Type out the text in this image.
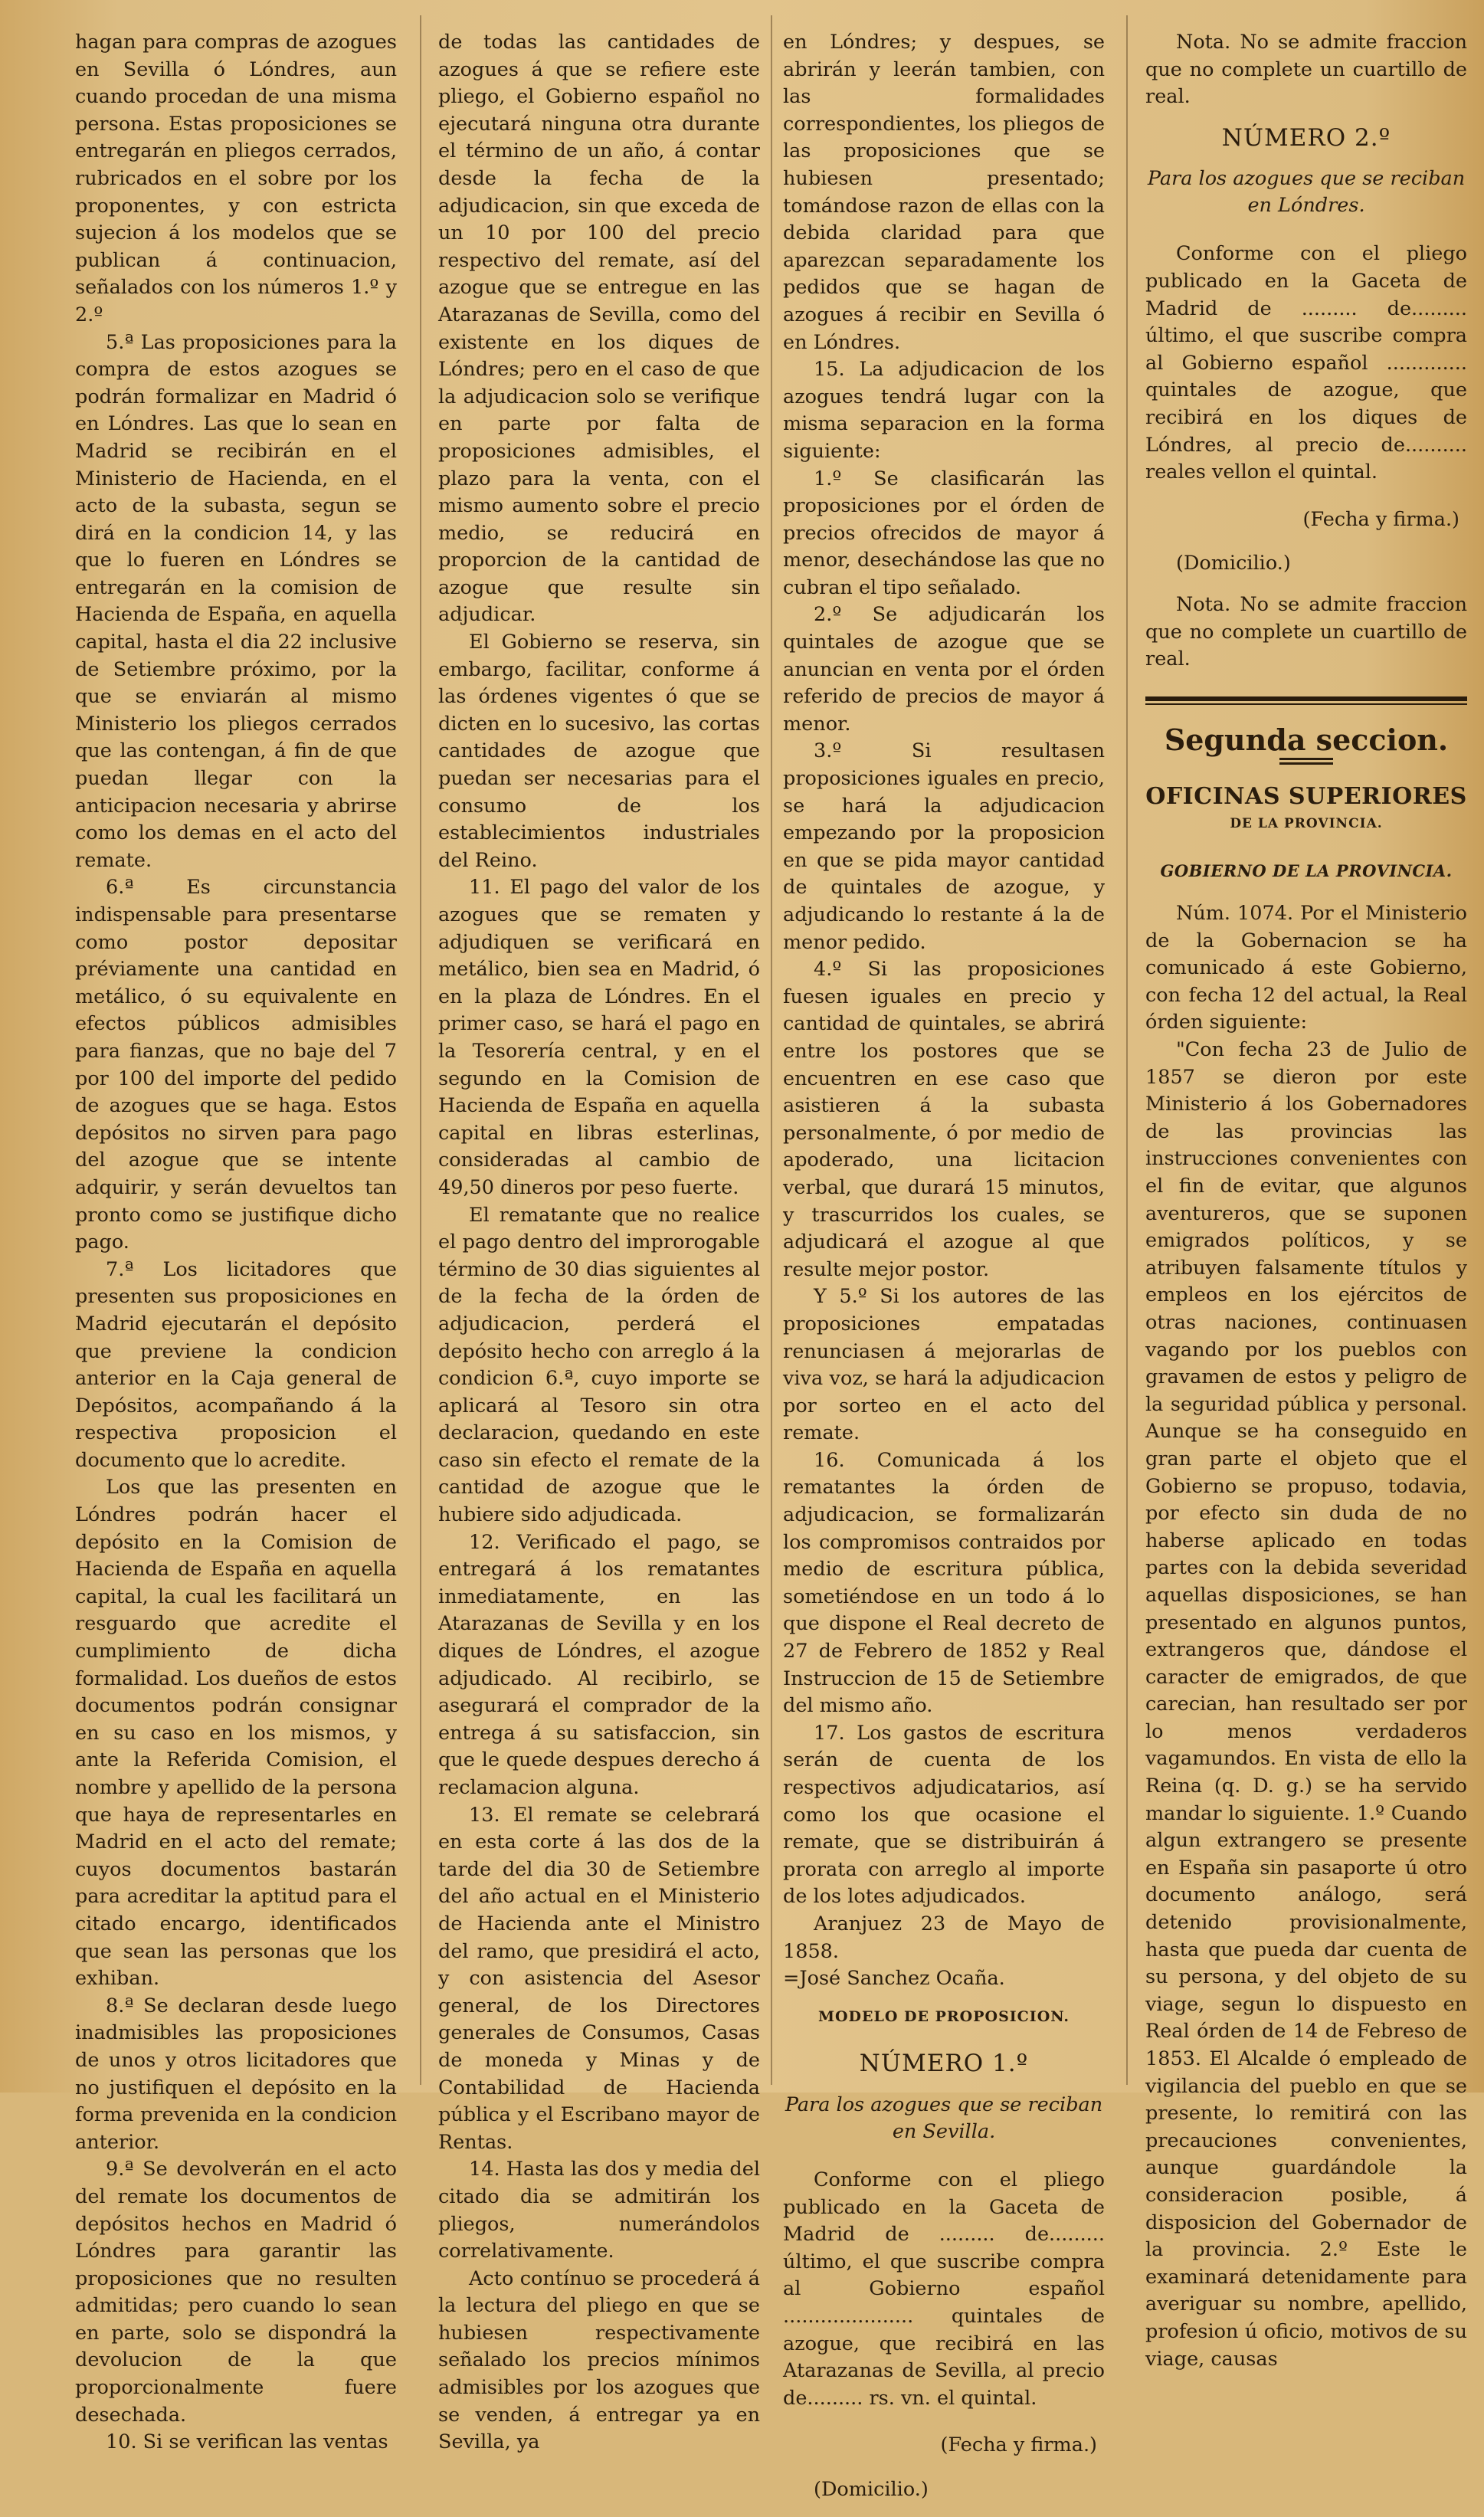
hagan para compras de azogues en Sevilla ó Lóndres, aun cuando procedan de una misma persona. Estas proposiciones se entregarán en pliegos cerrados, rubricados en el sobre por los proponentes, y con estricta sujecion á los modelos que se publican á continuacion, señalados con los números 1.º y 2.º

5.ª Las proposiciones para la compra de estos azogues se podrán formalizar en Madrid ó en Lóndres. Las que lo sean en Madrid se recibirán en el Ministerio de Hacienda, en el acto de la subasta, segun se dirá en la condicion 14, y las que lo fueren en Lóndres se entregarán en la comision de Hacienda de España, en aquella capital, hasta el dia 22 inclusive de Setiembre próximo, por la que se enviarán al mismo Ministerio los pliegos cerrados que las contengan, á fin de que puedan llegar con la anticipacion necesaria y abrirse como los demas en el acto del remate.

6.ª Es circunstancia indispensable para presentarse como postor depositar préviamente una cantidad en metálico, ó su equivalente en efectos públicos admisibles para fianzas, que no baje del 7 por 100 del importe del pedido de azogues que se haga. Estos depósitos no sirven para pago del azogue que se intente adquirir, y serán devueltos tan pronto como se justifique dicho pago.

7.ª Los licitadores que presenten sus proposiciones en Madrid ejecutarán el depósito que previene la condicion anterior en la Caja general de Depósitos, acompañando á la respectiva proposicion el documento que lo acredite.

Los que las presenten en Lóndres podrán hacer el depósito en la Comision de Hacienda de España en aquella capital, la cual les facilitará un resguardo que acredite el cumplimiento de dicha formalidad. Los dueños de estos documentos podrán consignar en su caso en los mismos, y ante la Referida Comision, el nombre y apellido de la persona que haya de representarles en Madrid en el acto del remate; cuyos documentos bastarán para acreditar la aptitud para el citado encargo, identificados que sean las personas que los exhiban.

8.ª Se declaran desde luego inadmisibles las proposiciones de unos y otros licitadores que no justifiquen el depósito en la forma prevenida en la condicion anterior.

9.ª Se devolverán en el acto del remate los documentos de depósitos hechos en Madrid ó Lóndres para garantir las proposiciones que no resulten admitidas; pero cuando lo sean en parte, solo se dispondrá la devolucion de la que proporcionalmente fuere desechada.

10. Si se verifican las ventas

de todas las cantidades de azogues á que se refiere este pliego, el Gobierno español no ejecutará ninguna otra durante el término de un año, á contar desde la fecha de la adjudicacion, sin que exceda de un 10 por 100 del precio respectivo del remate, así del azogue que se entregue en las Atarazanas de Sevilla, como del existente en los diques de Lóndres; pero en el caso de que la adjudicacion solo se verifique en parte por falta de proposiciones admisibles, el plazo para la venta, con el mismo aumento sobre el precio medio, se reducirá en proporcion de la cantidad de azogue que resulte sin adjudicar.

El Gobierno se reserva, sin embargo, facilitar, conforme á las órdenes vigentes ó que se dicten en lo sucesivo, las cortas cantidades de azogue que puedan ser necesarias para el consumo de los establecimientos industriales del Reino.

11. El pago del valor de los azogues que se rematen y adjudiquen se verificará en metálico, bien sea en Madrid, ó en la plaza de Lóndres. En el primer caso, se hará el pago en la Tesorería central, y en el segundo en la Comision de Hacienda de España en aquella capital en libras esterlinas, consideradas al cambio de 49,50 dineros por peso fuerte.

El rematante que no realice el pago dentro del improrogable término de 30 dias siguientes al de la fecha de la órden de adjudicacion, perderá el depósito hecho con arreglo á la condicion 6.ª, cuyo importe se aplicará al Tesoro sin otra declaracion, quedando en este caso sin efecto el remate de la cantidad de azogue que le hubiere sido adjudicada.

12. Verificado el pago, se entregará á los rematantes inmediatamente, en las Atarazanas de Sevilla y en los diques de Lóndres, el azogue adjudicado. Al recibirlo, se asegurará el comprador de la entrega á su satisfaccion, sin que le quede despues derecho á reclamacion alguna.

13. El remate se celebrará en esta corte á las dos de la tarde del dia 30 de Setiembre del año actual en el Ministerio de Hacienda ante el Ministro del ramo, que presidirá el acto, y con asistencia del Asesor general, de los Directores generales de Consumos, Casas de moneda y Minas y de Contabilidad de Hacienda pública y el Escribano mayor de Rentas.

14. Hasta las dos y media del citado dia se admitirán los pliegos, numerándolos correlativamente.

Acto contínuo se procederá á la lectura del pliego en que se hubiesen respectivamente señalado los precios mínimos admisibles por los azogues que se venden, á entregar ya en Sevilla, ya

en Lóndres; y despues, se abrirán y leerán tambien, con las formalidades correspondientes, los pliegos de las proposiciones que se hubiesen presentado; tomándose razon de ellas con la debida claridad para que aparezcan separadamente los pedidos que se hagan de azogues á recibir en Sevilla ó en Lóndres.

15. La adjudicacion de los azogues tendrá lugar con la misma separacion en la forma siguiente:

1.º Se clasificarán las proposiciones por el órden de precios ofrecidos de mayor á menor, desechándose las que no cubran el tipo señalado.

2.º Se adjudicarán los quintales de azogue que se anuncian en venta por el órden referido de precios de mayor á menor.

3.º Si resultasen proposiciones iguales en precio, se hará la adjudicacion empezando por la proposicion en que se pida mayor cantidad de quintales de azogue, y adjudicando lo restante á la de menor pedido.

4.º Si las proposiciones fuesen iguales en precio y cantidad de quintales, se abrirá entre los postores que se encuentren en ese caso que asistieren á la subasta personalmente, ó por medio de apoderado, una licitacion verbal, que durará 15 minutos, y trascurridos los cuales, se adjudicará el azogue al que resulte mejor postor.

Y 5.º Si los autores de las proposiciones empatadas renunciasen á mejorarlas de viva voz, se hará la adjudicacion por sorteo en el acto del remate.

16. Comunicada á los rematantes la órden de adjudicacion, se formalizarán los compromisos contraidos por medio de escritura pública, sometiéndose en un todo á lo que dispone el Real decreto de 27 de Febrero de 1852 y Real Instruccion de 15 de Setiembre del mismo año.

17. Los gastos de escritura serán de cuenta de los respectivos adjudicatarios, así como los que ocasione el remate, que se distribuirán á prorata con arreglo al importe de los lotes adjudicados.

Aranjuez 23 de Mayo de 1858.

=José Sanchez Ocaña.

MODELO DE PROPOSICION.
NÚMERO 1.º
Para los azogues que se reciban en Sevilla.

Conforme con el pliego publicado en la Gaceta de Madrid de ......... de......... último, el que suscribe compra al Gobierno español ..................... quintales de azogue, que recibirá en las Atarazanas de Sevilla, al precio de......... rs. vn. el quintal.

(Fecha y firma.)
(Domicilio.)

Nota. No se admite fraccion que no complete un cuartillo de real.

NÚMERO 2.º
Para los azogues que se reciban en Lóndres.

Conforme con el pliego publicado en la Gaceta de Madrid de ......... de......... último, el que suscribe compra al Gobierno español ............. quintales de azogue, que recibirá en los diques de Lóndres, al precio de.......... reales vellon el quintal.

(Fecha y firma.)
(Domicilio.)

Nota. No se admite fraccion que no complete un cuartillo de real.

Segunda seccion.
OFICINAS SUPERIORES
DE LA PROVINCIA.
GOBIERNO DE LA PROVINCIA.

Núm. 1074. Por el Ministerio de la Gobernacion se ha comunicado á este Gobierno, con fecha 12 del actual, la Real órden siguiente:

"Con fecha 23 de Julio de 1857 se dieron por este Ministerio á los Gobernadores de las provincias las instrucciones convenientes con el fin de evitar, que algunos aventureros, que se suponen emigrados políticos, y se atribuyen falsamente títulos y empleos en los ejércitos de otras naciones, continuasen vagando por los pueblos con gravamen de estos y peligro de la seguridad pública y personal. Aunque se ha conseguido en gran parte el objeto que el Gobierno se propuso, todavia, por efecto sin duda de no haberse aplicado en todas partes con la debida severidad aquellas disposiciones, se han presentado en algunos puntos, extrangeros que, dándose el caracter de emigrados, de que carecian, han resultado ser por lo menos verdaderos vagamundos. En vista de ello la Reina (q. D. g.) se ha servido mandar lo siguiente. 1.º Cuando algun extrangero se presente en España sin pasaporte ú otro documento análogo, será detenido provisionalmente, hasta que pueda dar cuenta de su persona, y del objeto de su viage, segun lo dispuesto en Real órden de 14 de Febreso de 1853. El Alcalde ó empleado de vigilancia del pueblo en que se presente, lo remitirá con las precauciones convenientes, aunque guardándole la consideracion posible, á disposicion del Gobernador de la provincia. 2.º Este le examinará detenidamente para averiguar su nombre, apellido, profesion ú oficio, motivos de su viage, causas
